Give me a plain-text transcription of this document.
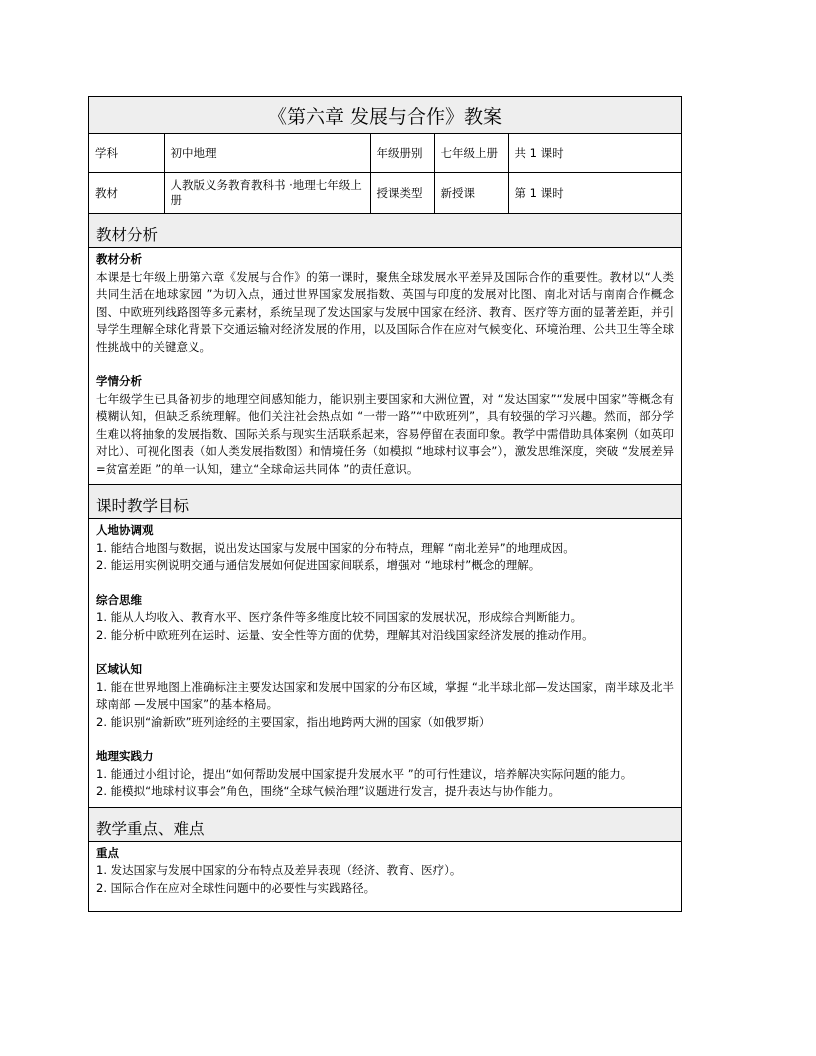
《第六章 发展与合作》教案
学科	初中地理	年级册别	七年级上册	共 1 课时
教材	人教版义务教育教科书 ·地理七年级上册	授课类型	新授课	第 1 课时
教材分析
教材分析

本课是七年级上册第六章《发展与合作》的第一课时，聚焦全球发展水平差异及国际合作的重要性。教材以“人类共同生活在地球家园 ”为切入点，通过世界国家发展指数、英国与印度的发展对比图、南北对话与南南合作概念图、中欧班列线路图等多元素材，系统呈现了发达国家与发展中国家在经济、教育、医疗等方面的显著差距，并引导学生理解全球化背景下交通运输对经济发展的作用，以及国际合作在应对气候变化、环境治理、公共卫生等全球性挑战中的关键意义。

学情分析

七年级学生已具备初步的地理空间感知能力，能识别主要国家和大洲位置，对 “发达国家”“发展中国家”等概念有模糊认知，但缺乏系统理解。他们关注社会热点如 “一带一路”“中欧班列”，具有较强的学习兴趣。然而，部分学生难以将抽象的发展指数、国际关系与现实生活联系起来，容易停留在表面印象。教学中需借助具体案例（如英印对比）、可视化图表（如人类发展指数图）和情境任务（如模拟 “地球村议事会”），激发思维深度，突破 “发展差异=贫富差距 ”的单一认知，建立“全球命运共同体 ”的责任意识。

课时教学目标
人地协调观
1. 能结合地图与数据，说出发达国家与发展中国家的分布特点，理解 “南北差异”的地理成因。
2. 能运用实例说明交通与通信发展如何促进国家间联系，增强对 “地球村”概念的理解。
综合思维
1. 能从人均收入、教育水平、医疗条件等多维度比较不同国家的发展状况，形成综合判断能力。
2. 能分析中欧班列在运时、运量、安全性等方面的优势，理解其对沿线国家经济发展的推动作用。
区域认知
1. 能在世界地图上准确标注主要发达国家和发展中国家的分布区域，掌握 “北半球北部—发达国家，南半球及北半球南部 —发展中国家”的基本格局。
2. 能识别“渝新欧”班列途经的主要国家，指出地跨两大洲的国家（如俄罗斯）
地理实践力
1. 能通过小组讨论，提出“如何帮助发展中国家提升发展水平 ”的可行性建议，培养解决实际问题的能力。
2. 能模拟“地球村议事会”角色，围绕“全球气候治理”议题进行发言，提升表达与协作能力。
教学重点、难点
重点
1. 发达国家与发展中国家的分布特点及差异表现（经济、教育、医疗）。
2. 国际合作在应对全球性问题中的必要性与实践路径。
